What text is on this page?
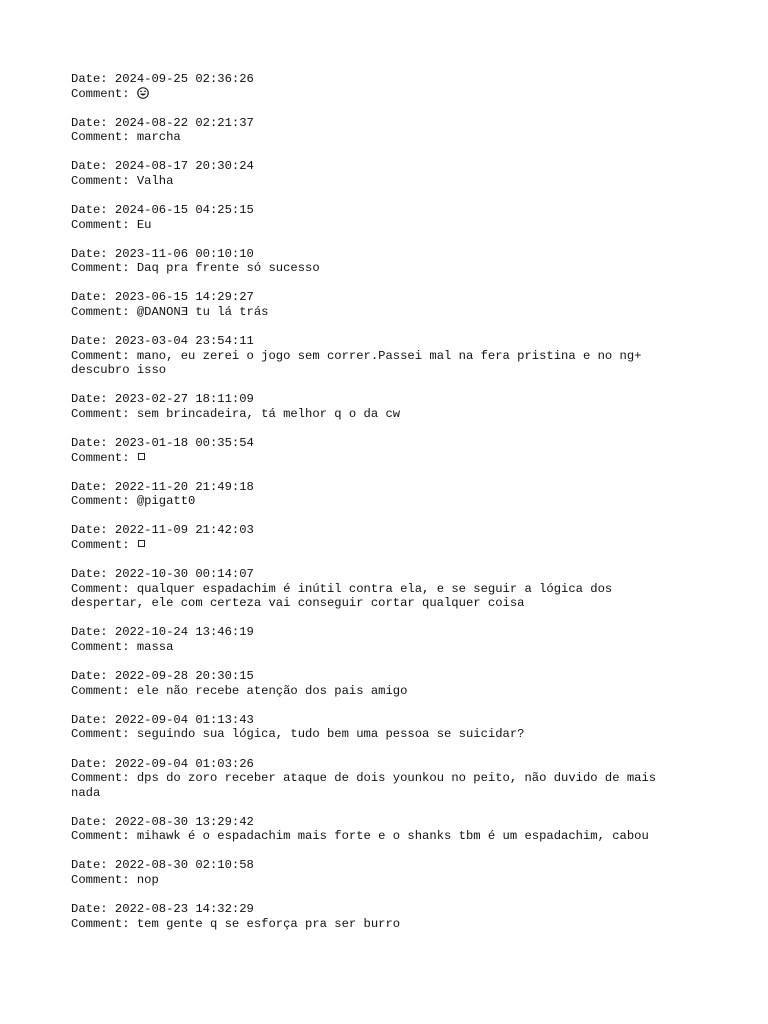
Date: 2024-09-25 02:36:26
Comment:
Date: 2024-08-22 02:21:37
Comment: marcha
Date: 2024-08-17 20:30:24
Comment: Valha
Date: 2024-06-15 04:25:15
Comment: Eu
Date: 2023-11-06 00:10:10
Comment: Daq pra frente só sucesso
Date: 2023-06-15 14:29:27
Comment: @DANONƎ tu lá trás
Date: 2023-03-04 23:54:11
Comment: mano, eu zerei o jogo sem correr.Passei mal na fera pristina e no ng+ descubro isso
Date: 2023-02-27 18:11:09
Comment: sem brincadeira, tá melhor q o da cw
Date: 2023-01-18 00:35:54
Comment:
Date: 2022-11-20 21:49:18
Comment: @pigatt0
Date: 2022-11-09 21:42:03
Comment:
Date: 2022-10-30 00:14:07
Comment: qualquer espadachim é inútil contra ela, e se seguir a lógica dos despertar, ele com certeza vai conseguir cortar qualquer coisa
Date: 2022-10-24 13:46:19
Comment: massa
Date: 2022-09-28 20:30:15
Comment: ele não recebe atenção dos pais amigo
Date: 2022-09-04 01:13:43
Comment: seguindo sua lógica, tudo bem uma pessoa se suicidar?
Date: 2022-09-04 01:03:26
Comment: dps do zoro receber ataque de dois younkou no peito, não duvido de mais nada
Date: 2022-08-30 13:29:42
Comment: mihawk é o espadachim mais forte e o shanks tbm é um espadachim, cabou
Date: 2022-08-30 02:10:58
Comment: nop
Date: 2022-08-23 14:32:29
Comment: tem gente q se esforça pra ser burro
